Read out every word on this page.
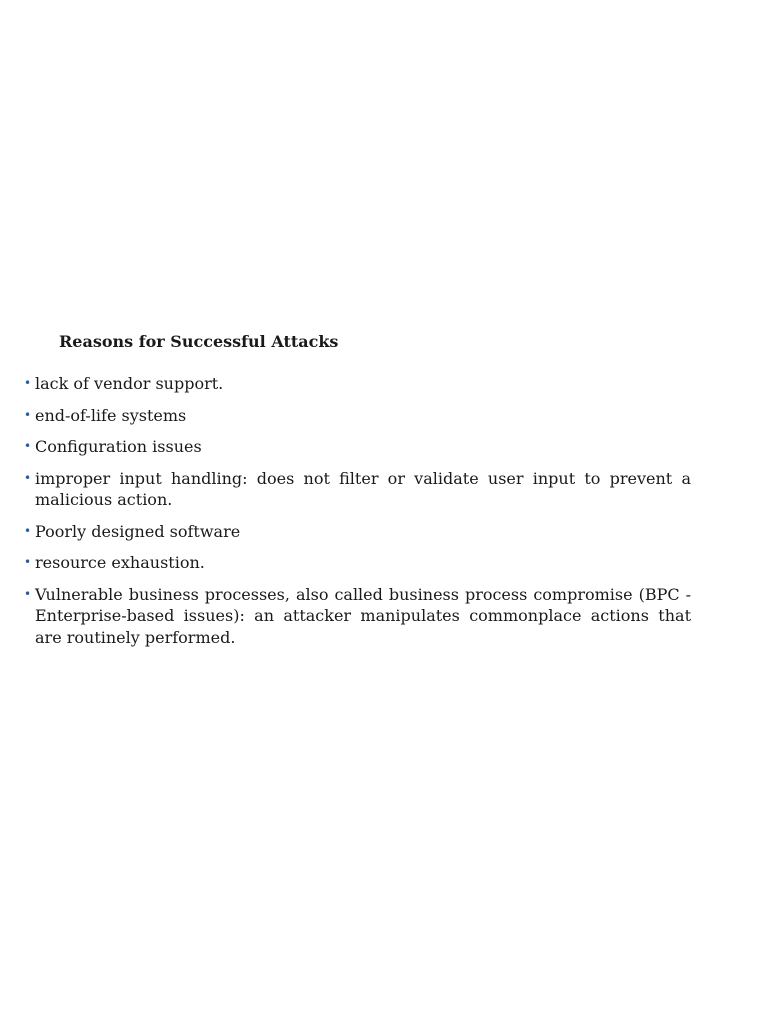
Reasons for Successful Attacks
• lack of vendor support.
• end-of-life systems
• Configuration issues
• improper input handling: does not filter or validate user input to prevent a malicious action.
• Poorly designed software
• resource exhaustion.
• Vulnerable business processes, also called business process compromise (BPC - Enterprise-based issues): an attacker manipulates commonplace actions that are routinely performed.
